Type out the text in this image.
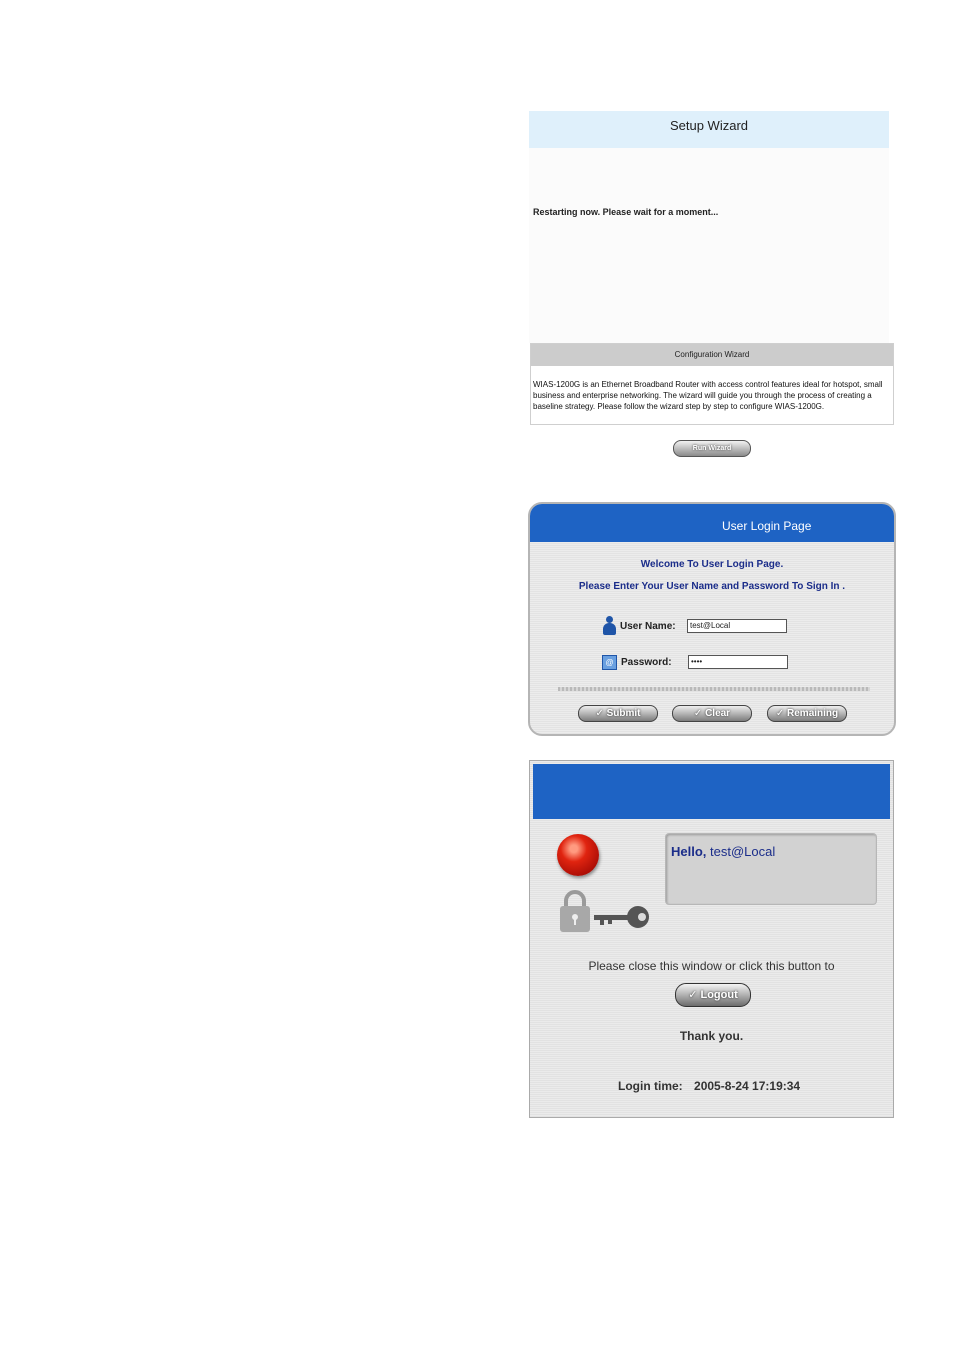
Setup Wizard
Restarting now. Please wait for a moment...
Configuration Wizard
WIAS-1200G is an Ethernet Broadband Router with access control features ideal for hotspot, small business and enterprise networking. The wizard will guide you through the process of creating a baseline strategy. Please follow the wizard step by step to configure WIAS-1200G.
Run Wizard
User Login Page
Welcome To User Login Page.
Please Enter Your User Name and Password To Sign In .
User Name:	test@Local
@ Password:	••••
✓ Submit	✓ Clear	✓ Remaining
Hello, test@Local
Please close this window or click this button to
✓ Logout
Thank you.
Login time: 2005-8-24 17:19:34
